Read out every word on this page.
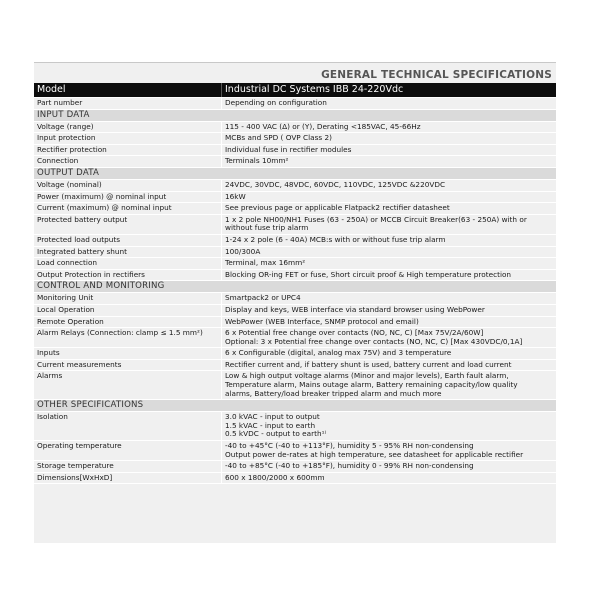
GENERAL TECHNICAL SPECIFICATIONS
Model	Industrial DC Systems IBB 24-220Vdc
Part number	Depending on configuration
INPUT DATA
Voltage (range)	115 - 400 VAC (Δ) or (Y), Derating <185VAC, 45-66Hz
Input protection	MCBs and SPD ( OVP Class 2)
Rectifier protection	Individual fuse in rectifier modules
Connection	Terminals 10mm²
OUTPUT DATA
Voltage (nominal)	24VDC, 30VDC, 48VDC, 60VDC, 110VDC, 125VDC &220VDC
Power (maximum) @ nominal input	16kW
Current (maximum) @ nominal input	See previous page or applicable Flatpack2 rectifier datasheet
Protected battery output	1 x 2 pole NH00/NH1 Fuses (63 - 250A) or MCCB Circuit Breaker(63 - 250A) with or
without fuse trip alarm
Protected load outputs	1-24 x 2 pole (6 - 40A) MCB:s with or without fuse trip alarm
Integrated battery shunt	100/300A
Load connection	Terminal, max 16mm²
Output Protection in rectifiers	Blocking OR-ing FET or fuse, Short circuit proof & High temperature protection
CONTROL AND MONITORING
Monitoring Unit	Smartpack2 or UPC4
Local Operation	Display and keys, WEB interface via standard browser using WebPower
Remote Operation	WebPower (WEB Interface, SNMP protocol and email)
Alarm Relays (Connection: clamp ≤ 1.5 mm²)	6 x Potential free change over contacts (NO, NC, C) [Max 75V/2A/60W]
Optional: 3 x Potential free change over contacts (NO, NC, C) [Max 430VDC/0,1A]
Inputs	6 x Configurable (digital, analog max 75V) and 3 temperature
Current measurements	Rectifier current and, if battery shunt is used, battery current and load current
Alarms	Low & high output voltage alarms (Minor and major levels), Earth fault alarm,
Temperature alarm, Mains outage alarm, Battery remaining capacity/low quality
alarms, Battery/load breaker tripped alarm and much more
OTHER SPECIFICATIONS
Isolation	3.0 kVAC - input to output
1.5 kVAC - input to earth
0.5 kVDC - output to earth¹⁾
Operating temperature	-40 to +45°C (-40 to +113°F), humidity 5 - 95% RH non-condensing
Output power de-rates at high temperature, see datasheet for applicable rectifier
Storage temperature	-40 to +85°C (-40 to +185°F), humidity 0 - 99% RH non-condensing
Dimensions[WxHxD]	600 x 1800/2000 x 600mm
